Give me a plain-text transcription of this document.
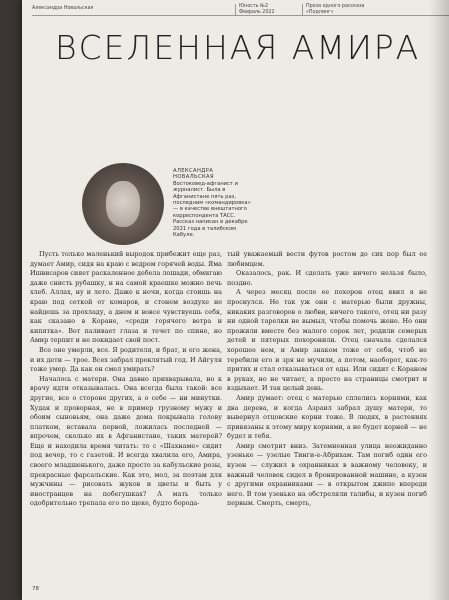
Александра Новальская	Юность №2
Февраль 2022
Проза одного рассказа
«Подлинг»
ВСЕЛЕННАЯ АМИРА
АЛЕКСАНДРА НОВАЛЬСКАЯ
Востоковед-афганист и журналист. Была в Афганистане пять раз, последним «командировка» — в качестве внештатного корреспондента ТАСС. Рассказ написан в декабре 2021 года в талибском Кабуле.

Пусть только маленький выродок прибежит еще раз, думает Амир, сидя на краю с ведром горячей воды. Яма Ишвисаров сияет раскаленное дебела лошади, обмигаю даже снисть рубашку, и на самой краешке можно печь хлеб. Аллах, ну и лето. Даже к ночи, когда стоишь на краю под сеткой от комаров, и стонем воздухе не найдешь за прохладу, а днем и вовсе чувствуешь себя, как сказано в Коране, «среди горячего ветра и кипятка». Вот паливает глаза и течет по спине, но Амир терпит и не покидает свой пост.

Все оне умерли, все. Я родителя, и брат, и его жена, и их дети — трое. Всех забрал проклятый год. И Айгуля тоже умер. Да как он смел умирать?

Началось с матери. Она давно прихварывала, но к врачу идти отказывалась. Она всегда была такой: все другие, все о стороне других, а о себе — ни минутки. Худая и проворная, не в пример грузному мужу и обоим сыновьям, она даже дома покрывала голову платком, вставала первой, ложилась последней — впрочем, сколько их в Афганистане, таких матерей? Еще и находила время читать: то с «Шахнаме» сидит под вечер, то с газетой. И всегда хвалила его, Амира, своего младшенького, даже просто за кабульские розы, прекрасные фарсальские. Как это, мол, за поэтам для мужчины — рисовать жуков и цветы и быть у иностранцев на побегушках? А мать только одобрительно трепала его по щеке, будто борода-

тый уважаемый вести футов ростом до сих пор был ее любимцем.

Оказалось, рак. И сделать уже ничего нельзя было, поздно.

А через месяц после ее похорон отец явил я не проснулся. Не так уж они с матерью были дружны, никаких разговоров о любви, ничего такого, отец ни разу ни одной тарелки не вымыл, чтобы помочь жене. Но они прожили вместе без малого сорок лет, родили семерых детей и пятерых похоронили. Отец сначала сделался хорошее нем, и Амир знаком тоже от себя, чтоб не теребили его и зря не мучили, а потом, наоборот, как-то притих и стал отказываться от еды. Или сидит с Кораном в руках, но не читает, а просто на страницы смотрит и вздыхает. И так целый день.

Амир думает: отец с матерью сплелись корнями, как два дерева, и когда Азраил забрал душу матери, то вывернул отцовские корни тоже. В людях, в растениях привязаны к этому миру корнями, а не будет корней — не будет и тебя.

Амир смотрит вниз. Затемненная улица неожиданно узеньке — узелые Тинги-е-Абрихам. Там погиб один его кузен — служил в охранниках в важному человеку, и важный человек сидел в бронированной машине, а кузен с другими охранниками — в открытом джипе впереди него. В том узенько на обстреляли талибы, и кузен погиб первым. Смерть, смерть,

78
